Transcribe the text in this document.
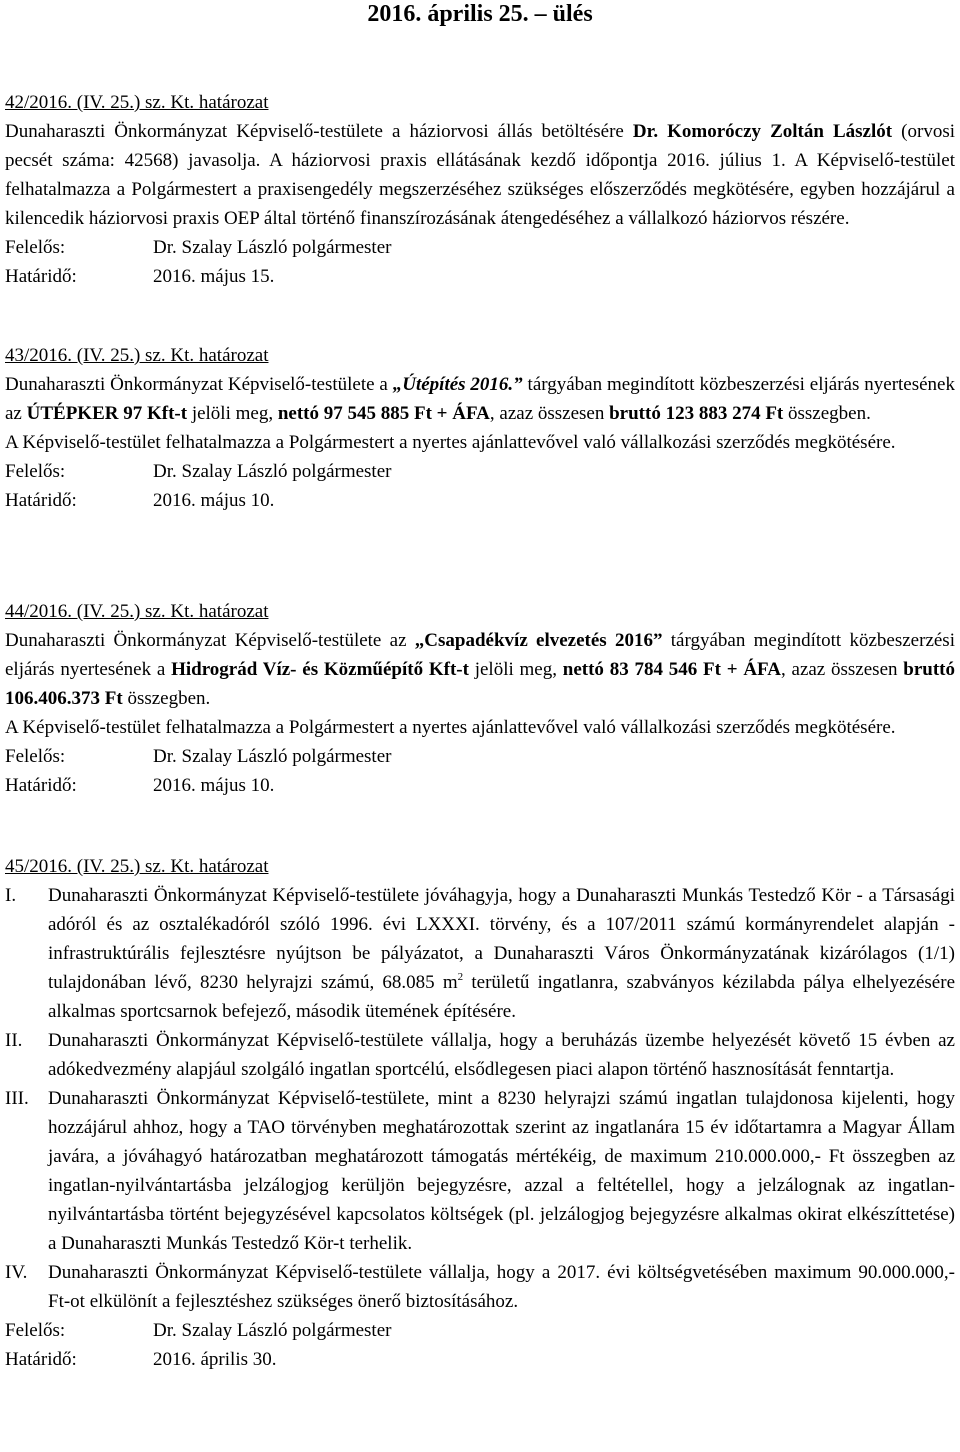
2016. április 25. – ülés

42/2016. (IV. 25.) sz. Kt. határozat

Dunaharaszti Önkormányzat Képviselő-testülete a háziorvosi állás betöltésére Dr. Komoróczy Zoltán Lászlót (orvosi pecsét száma: 42568) javasolja. A háziorvosi praxis ellátásának kezdő időpontja 2016. július 1. A Képviselő-testület felhatalmazza a Polgármestert a praxisengedély megszerzéséhez szükséges előszerződés megkötésére, egyben hozzájárul a kilencedik háziorvosi praxis OEP által történő finanszírozásának átengedéséhez a vállalkozó háziorvos részére.

Felelős:	Dr. Szalay László polgármester

Határidő:	2016. május 15.

43/2016. (IV. 25.) sz. Kt. határozat

Dunaharaszti Önkormányzat Képviselő-testülete a „Útépítés 2016.” tárgyában megindított közbeszerzési eljárás nyertesének az ÚTÉPKER 97 Kft-t jelöli meg, nettó 97 545 885 Ft + ÁFA, azaz összesen bruttó 123 883 274 Ft összegben.

A Képviselő-testület felhatalmazza a Polgármestert a nyertes ajánlattevővel való vállalkozási szerződés megkötésére.

Felelős:	Dr. Szalay László polgármester

Határidő:	2016. május 10.

44/2016. (IV. 25.) sz. Kt. határozat

Dunaharaszti Önkormányzat Képviselő-testülete az „Csapadékvíz elvezetés 2016” tárgyában megindított közbeszerzési eljárás nyertesének a Hidrográd Víz- és Közműépítő Kft-t jelöli meg, nettó 83 784 546 Ft + ÁFA, azaz összesen bruttó 106.406.373 Ft összegben.

A Képviselő-testület felhatalmazza a Polgármestert a nyertes ajánlattevővel való vállalkozási szerződés megkötésére.

Felelős:	Dr. Szalay László polgármester

Határidő:	2016. május 10.

45/2016. (IV. 25.) sz. Kt. határozat

I.	Dunaharaszti Önkormányzat Képviselő-testülete jóváhagyja, hogy a Dunaharaszti Munkás Testedző Kör - a Társasági adóról és az osztalékadóról szóló 1996. évi LXXXI. törvény, és a 107/2011 számú kormányrendelet alapján - infrastruktúrális fejlesztésre nyújtson be pályázatot, a Dunaharaszti Város Önkormányzatának kizárólagos (1/1) tulajdonában lévő, 8230 helyrajzi számú, 68.085 $m^2$ területű ingatlanra, szabványos kézilabda pálya elhelyezésére alkalmas sportcsarnok befejező, második ütemének építésére.
II.	Dunaharaszti Önkormányzat Képviselő-testülete vállalja, hogy a beruházás üzembe helyezését követő 15 évben az adókedvezmény alapjául szolgáló ingatlan sportcélú, elsődlegesen piaci alapon történő hasznosítását fenntartja.
III.	Dunaharaszti Önkormányzat Képviselő-testülete, mint a 8230 helyrajzi számú ingatlan tulajdonosa kijelenti, hogy hozzájárul ahhoz, hogy a TAO törvényben meghatározottak szerint az ingatlanára 15 év időtartamra a Magyar Állam javára, a jóváhagyó határozatban meghatározott támogatás mértékéig, de maximum 210.000.000,- Ft összegben az ingatlan-nyilvántartásba jelzálogjog kerüljön bejegyzésre, azzal a feltétellel, hogy a jelzálognak az ingatlan-nyilvántartásba történt bejegyzésével kapcsolatos költségek (pl. jelzálogjog bejegyzésre alkalmas okirat elkészíttetése) a Dunaharaszti Munkás Testedző Kör-t terhelik.
IV.	Dunaharaszti Önkormányzat Képviselő-testülete vállalja, hogy a 2017. évi költségvetésében maximum 90.000.000,- Ft-ot elkülönít a fejlesztéshez szükséges önerő biztosításához.

Felelős:	Dr. Szalay László polgármester

Határidő:	2016. április 30.
